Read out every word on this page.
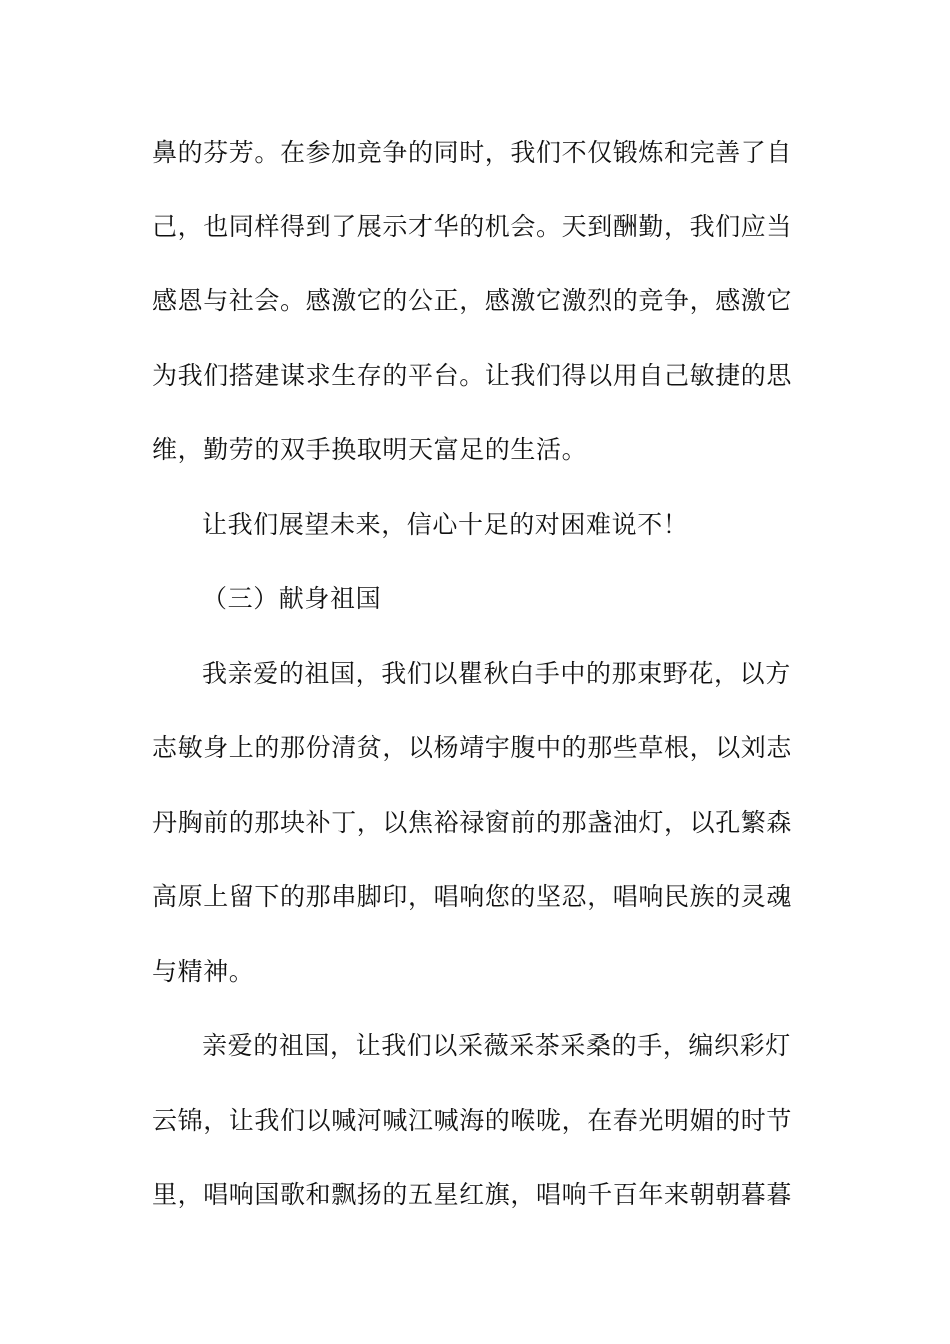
鼻的芬芳。在参加竞争的同时，我们不仅锻炼和完善了自
己，也同样得到了展示才华的机会。天到酬勤，我们应当
感恩与社会。感激它的公正，感激它激烈的竞争，感激它
为我们搭建谋求生存的平台。让我们得以用自己敏捷的思
维，勤劳的双手换取明天富足的生活。
让我们展望未来，信心十足的对困难说不！
（三）献身祖国
我亲爱的祖国，我们以瞿秋白手中的那束野花，以方
志敏身上的那份清贫，以杨靖宇腹中的那些草根，以刘志
丹胸前的那块补丁，以焦裕禄窗前的那盏油灯，以孔繁森
高原上留下的那串脚印，唱响您的坚忍，唱响民族的灵魂
与精神。
亲爱的祖国，让我们以采薇采茶采桑的手，编织彩灯
云锦，让我们以喊河喊江喊海的喉咙，在春光明媚的时节
里，唱响国歌和飘扬的五星红旗，唱响千百年来朝朝暮暮
